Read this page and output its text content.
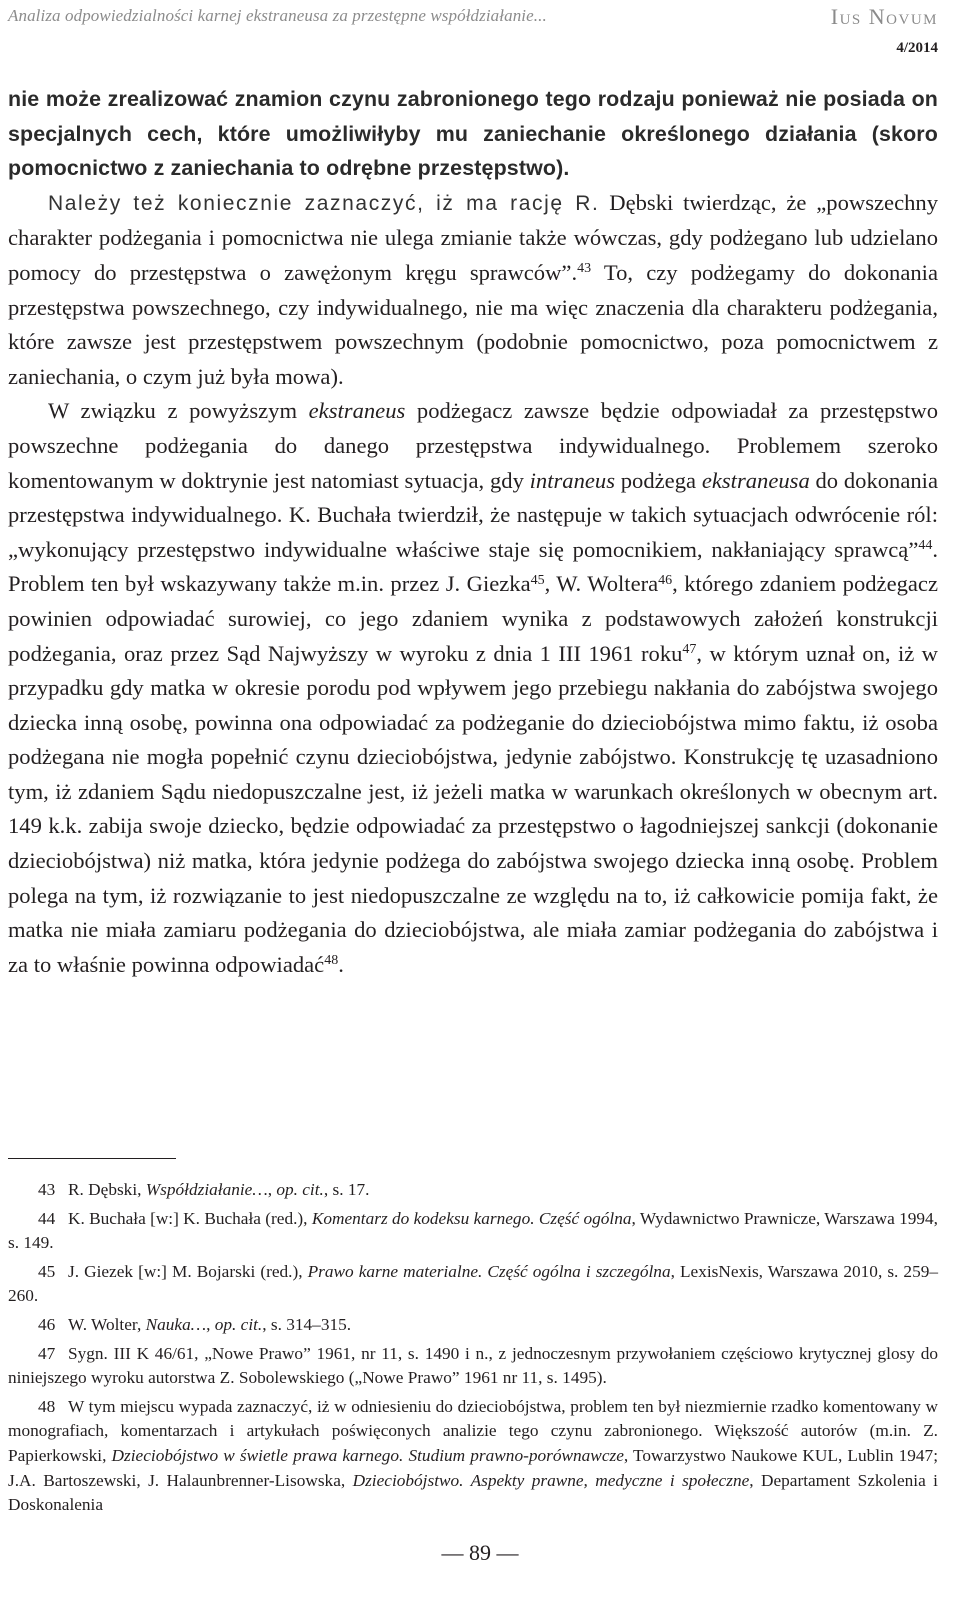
Analiza odpowiedzialności karnej ekstraneusa za przestępne współdziałanie...	Ius Novum
4/2014

nie może zrealizować znamion czynu zabronionego tego rodzaju ponieważ nie posiada on specjalnych cech, które umożliwiłyby mu zaniechanie określonego działania (skoro pomocnictwo z zaniechania to odrębne przestępstwo).

Należy też koniecznie zaznaczyć, iż ma rację R. Dębski twierdząc, że „powszechny charakter podżegania i pomocnictwa nie ulega zmianie także wówczas, gdy podżegano lub udzielano pomocy do przestępstwa o zawężonym kręgu sprawców”.$^{43}$ To, czy podżegamy do dokonania przestępstwa powszechnego, czy indywidualnego, nie ma więc znaczenia dla charakteru podżegania, które zawsze jest przestępstwem powszechnym (podobnie pomocnictwo, poza pomocnictwem z zaniechania, o czym już była mowa).

W związku z powyższym ekstraneus podżegacz zawsze będzie odpowiadał za przestępstwo powszechne podżegania do danego przestępstwa indywidualnego. Problemem szeroko komentowanym w doktrynie jest natomiast sytuacja, gdy intraneus podżega ekstraneusa do dokonania przestępstwa indywidualnego. K. Buchała twierdził, że następuje w takich sytuacjach odwrócenie ról: „wykonujący przestępstwo indywidualne właściwe staje się pomocnikiem, nakłaniający sprawcą”$^{44}$. Problem ten był wskazywany także m.in. przez J. Giezka$^{45}$, W. Woltera$^{46}$, którego zdaniem podżegacz powinien odpowiadać surowiej, co jego zdaniem wynika z podstawowych założeń konstrukcji podżegania, oraz przez Sąd Najwyższy w wyroku z dnia 1 III 1961 roku$^{47}$, w którym uznał on, iż w przypadku gdy matka w okresie porodu pod wpływem jego przebiegu nakłania do zabójstwa swojego dziecka inną osobę, powinna ona odpowiadać za podżeganie do dzieciobójstwa mimo faktu, iż osoba podżegana nie mogła popełnić czynu dzieciobójstwa, jedynie zabójstwo. Konstrukcję tę uzasadniono tym, iż zdaniem Sądu niedopuszczalne jest, iż jeżeli matka w warunkach określonych w obecnym art. 149 k.k. zabija swoje dziecko, będzie odpowiadać za przestępstwo o łagodniejszej sankcji (dokonanie dzieciobójstwa) niż matka, która jedynie podżega do zabójstwa swojego dziecka inną osobę. Problem polega na tym, iż rozwiązanie to jest niedopuszczalne ze względu na to, iż całkowicie pomija fakt, że matka nie miała zamiaru podżegania do dzieciobójstwa, ale miała zamiar podżegania do zabójstwa i za to właśnie powinna odpowiadać$^{48}$.

43 R. Dębski, Współdziałanie…, op. cit., s. 17.

44 K. Buchała [w:] K. Buchała (red.), Komentarz do kodeksu karnego. Część ogólna, Wydawnictwo Prawnicze, Warszawa 1994, s. 149.

45 J. Giezek [w:] M. Bojarski (red.), Prawo karne materialne. Część ogólna i szczególna, LexisNexis, Warszawa 2010, s. 259–260.

46 W. Wolter, Nauka…, op. cit., s. 314–315.

47 Sygn. III K 46/61, „Nowe Prawo” 1961, nr 11, s. 1490 i n., z jednoczesnym przywołaniem częściowo krytycznej glosy do niniejszego wyroku autorstwa Z. Sobolewskiego („Nowe Prawo” 1961 nr 11, s. 1495).

48 W tym miejscu wypada zaznaczyć, iż w odniesieniu do dzieciobójstwa, problem ten był niezmiernie rzadko komentowany w monografiach, komentarzach i artykułach poświęconych analizie tego czynu zabronionego. Większość autorów (m.in. Z. Papierkowski, Dzieciobójstwo w świetle prawa karnego. Studium prawno-porównawcze, Towarzystwo Naukowe KUL, Lublin 1947; J.A. Bartoszewski, J. Halaunbrenner-Lisowska, Dzieciobójstwo. Aspekty prawne, medyczne i społeczne, Departament Szkolenia i Doskonalenia

— 89 —
